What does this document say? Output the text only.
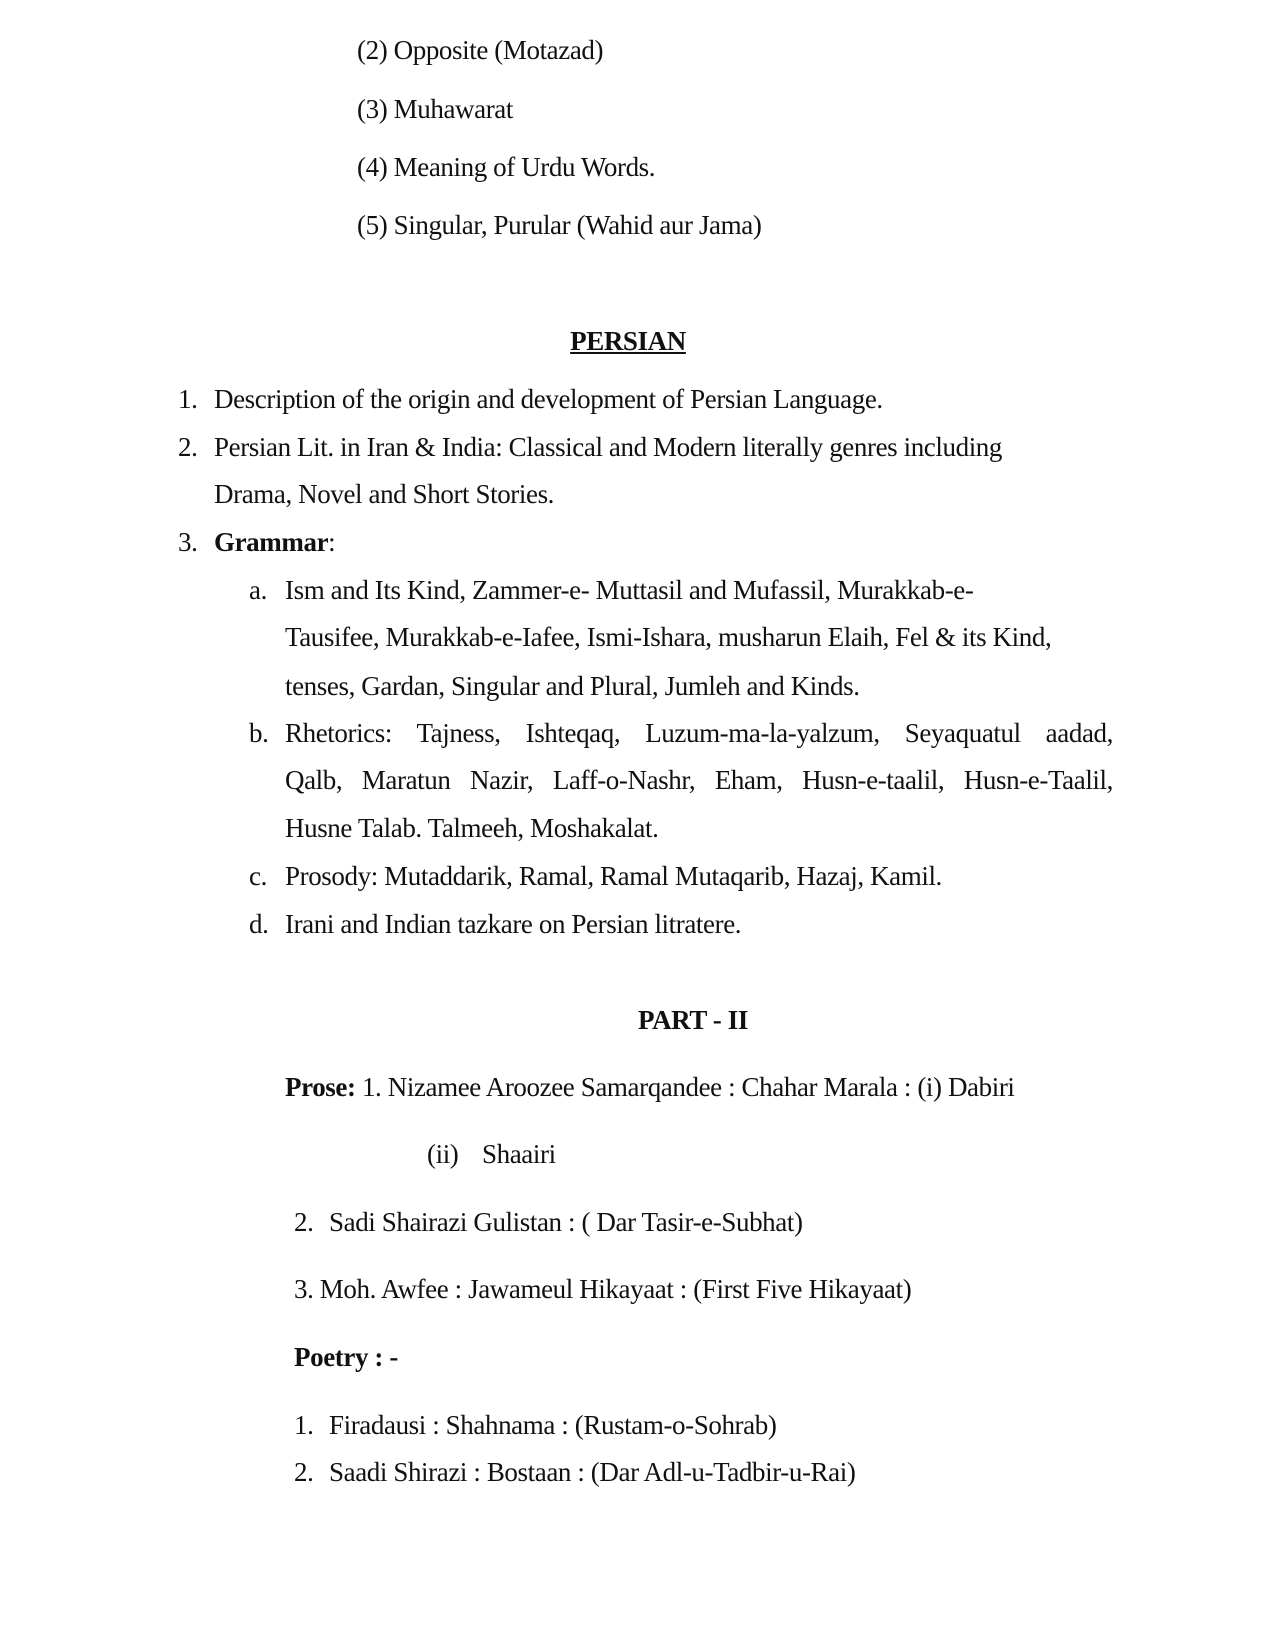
(2) Opposite (Motazad)
(3) Muhawarat
(4) Meaning of Urdu Words.
(5) Singular, Purular (Wahid aur Jama)
PERSIAN
1. Description of the origin and development of Persian Language.
2. Persian Lit. in Iran & India: Classical and Modern literally genres including
Drama, Novel and Short Stories.
3. Grammar:
a. Ism and Its Kind, Zammer-e- Muttasil and Mufassil, Murakkab-e-
Tausifee, Murakkab-e-Iafee, Ismi-Ishara, musharun Elaih, Fel & its Kind,
tenses, Gardan, Singular and Plural, Jumleh and Kinds.
b. Rhetorics: Tajness, Ishteqaq, Luzum-ma-la-yalzum, Seyaquatul aadad,
Qalb, Maratun Nazir, Laff-o-Nashr, Eham, Husn-e-taalil, Husn-e-Taalil,
Husne Talab. Talmeeh, Moshakalat.
c. Prosody: Mutaddarik, Ramal, Ramal Mutaqarib, Hazaj, Kamil.
d. Irani and Indian tazkare on Persian litratere.
PART - II
Prose: 1. Nizamee Aroozee Samarqandee : Chahar Marala : (i) Dabiri
(ii) Shaairi
2. Sadi Shairazi Gulistan : ( Dar Tasir-e-Subhat)
3. Moh. Awfee : Jawameul Hikayaat : (First Five Hikayaat)
Poetry : -
1. Firadausi : Shahnama : (Rustam-o-Sohrab)
2. Saadi Shirazi : Bostaan : (Dar Adl-u-Tadbir-u-Rai)
